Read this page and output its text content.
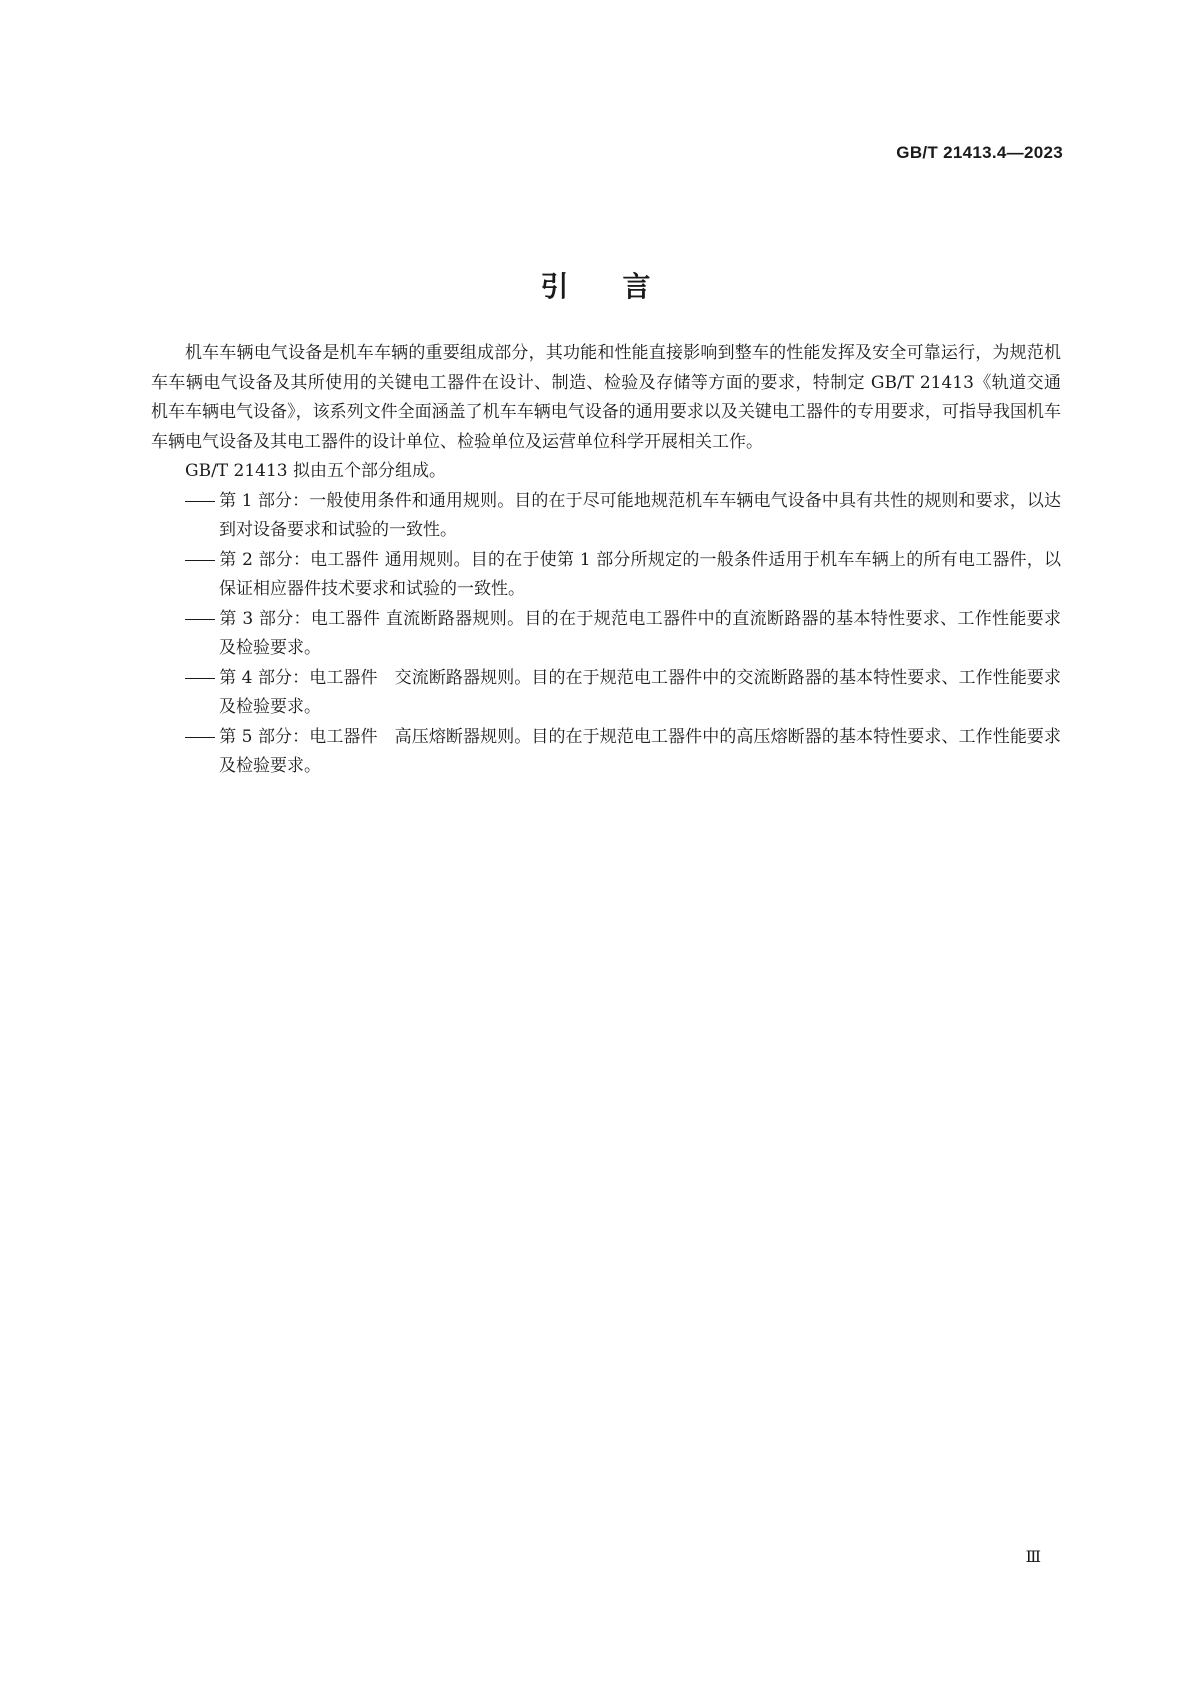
GB/T 21413.4—2023
引言

机车车辆电气设备是机车车辆的重要组成部分，其功能和性能直接影响到整车的性能发挥及安全可靠运行，为规范机车车辆电气设备及其所使用的关键电工器件在设计、制造、检验及存储等方面的要求，特制定 GB/T 21413《轨道交通　机车车辆电气设备》，该系列文件全面涵盖了机车车辆电气设备的通用要求以及关键电工器件的专用要求，可指导我国机车车辆电气设备及其电工器件的设计单位、检验单位及运营单位科学开展相关工作。

GB/T 21413 拟由五个部分组成。

第 1 部分：一般使用条件和通用规则。目的在于尽可能地规范机车车辆电气设备中具有共性的规则和要求，以达到对设备要求和试验的一致性。
第 2 部分：电工器件 通用规则。目的在于使第 1 部分所规定的一般条件适用于机车车辆上的所有电工器件，以保证相应器件技术要求和试验的一致性。
第 3 部分：电工器件 直流断路器规则。目的在于规范电工器件中的直流断路器的基本特性要求、工作性能要求及检验要求。
第 4 部分：电工器件　交流断路器规则。目的在于规范电工器件中的交流断路器的基本特性要求、工作性能要求及检验要求。
第 5 部分：电工器件　高压熔断器规则。目的在于规范电工器件中的高压熔断器的基本特性要求、工作性能要求及检验要求。
Ⅲ
